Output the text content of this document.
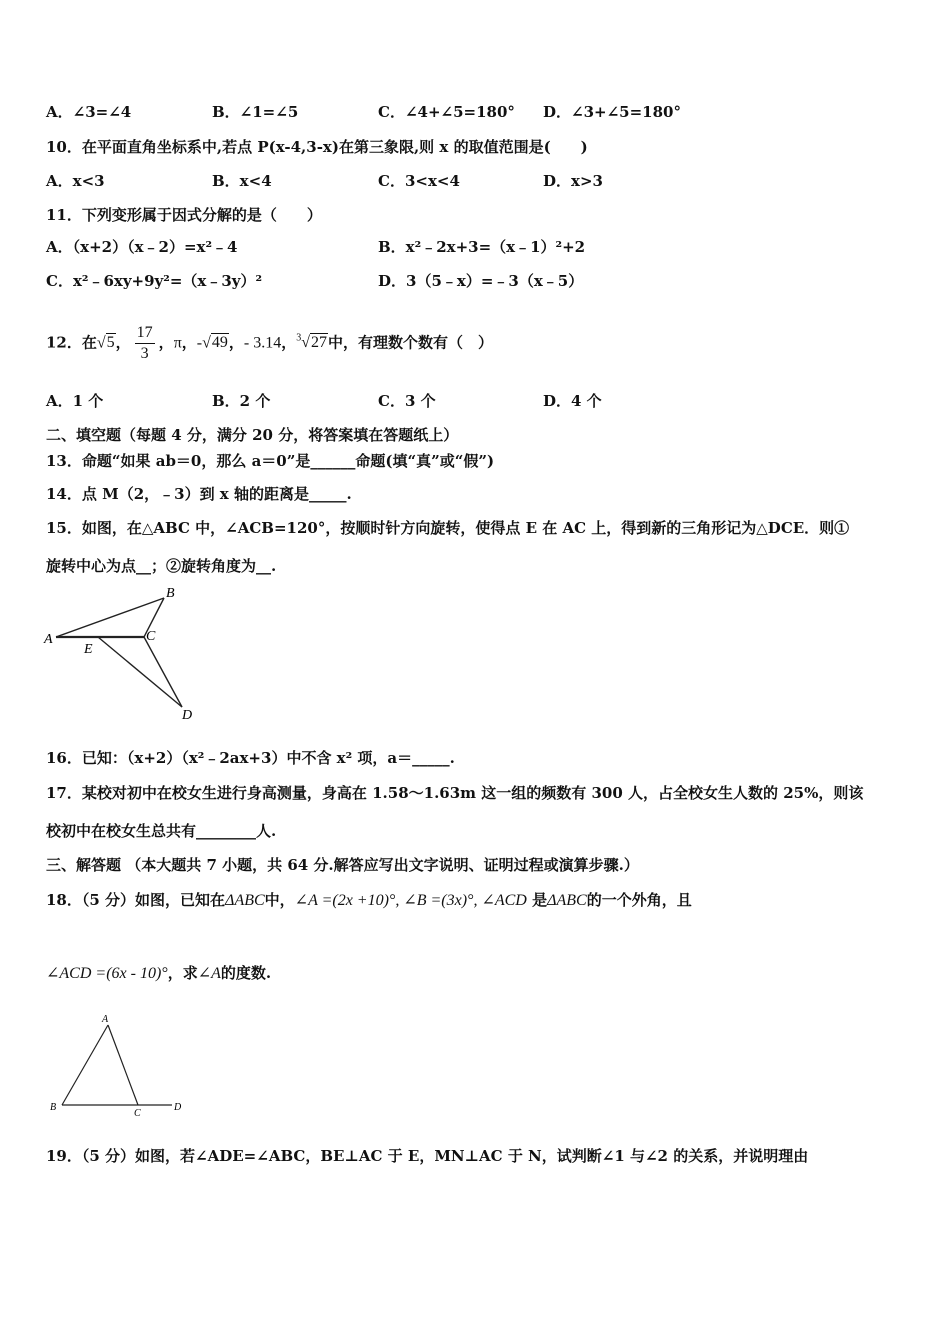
A．∠3=∠4	B．∠1=∠5	C．∠4+∠5=180° D．∠3+∠5=180°
10．在平面直角坐标系中,若点 P(x-4,3-x)在第三象限,则 x 的取值范围是(　　)
A．x<3	B．x<4	C．3<x<4	D．x>3
11．下列变形属于因式分解的是（　　）
A．（x+2）（x﹣2）=x²﹣4	B．x²﹣2x+3=（x﹣1）²+2
C．x²﹣6xy+9y²=（x﹣3y）²	D．3（5﹣x）=﹣3（x﹣5）
12．在√5， $\frac{17}{3}$ ，π，-√49，- 3.14，$^3$√27中，有理数个数有（　）
A．1 个	B．2 个	C．3 个	D．4 个
二、填空题（每题 4 分，满分 20 分，将答案填在答题纸上）
13．命题“如果 ab＝0，那么 a＝0”是______命题(填“真”或“假”)
14．点 M（2，﹣3）到 x 轴的距离是_____.
15．如图，在△ABC 中，∠ACB=120°，按顺时针方向旋转，使得点 E 在 AC 上，得到新的三角形记为△DCE．则①
旋转中心为点__；②旋转角度为__.
A
B
C
D
E
16．已知：（x+2）（x²﹣2ax+3）中不含 x² 项，a＝_____.
17．某校对初中在校女生进行身高测量，身高在 1.58～1.63m 这一组的频数有 300 人，占全校女生人数的 25%，则该
校初中在校女生总共有________人.
三、解答题 （本大题共 7 小题，共 64 分.解答应写出文字说明、证明过程或演算步骤.）
18．（5 分）如图，已知在ΔABC中，∠A =(2x +10)°, ∠B =(3x)°, ∠ACD 是ΔABC的一个外角，且
∠ACD =(6x - 10)°，求∠A的度数.
A
B
C
D
19．（5 分）如图，若∠ADE=∠ABC，BE⊥AC 于 E，MN⊥AC 于 N，试判断∠1 与∠2 的关系，并说明理由
